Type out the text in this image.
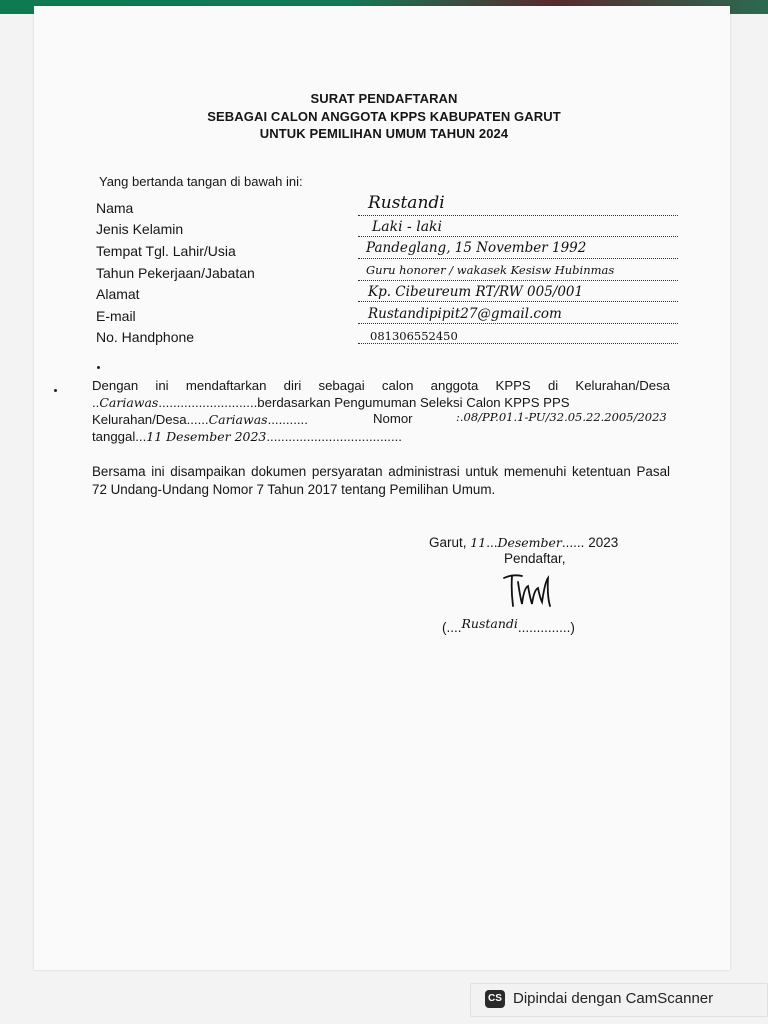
SURAT PENDAFTARAN
SEBAGAI CALON ANGGOTA KPPS KABUPATEN GARUT
UNTUK PEMILIHAN UMUM TAHUN 2024
Yang bertanda tangan di bawah ini:
Nama	Rustandi
Jenis Kelamin	Laki - laki
Tempat Tgl. Lahir/Usia	Pandeglang, 15 November 1992
Tahun Pekerjaan/Jabatan	Guru honorer / wakasek Kesisw Hubinmas
Alamat	Kp. Cibeureum RT/RW 005/001
E-mail	Rustandipipit27@gmail.com
No. Handphone	081306552450
Dengan ini mendaftarkan diri sebagai calon anggota KPPS di Kelurahan/Desa
..Cariawas...........................berdasarkan Pengumuman Seleksi Calon KPPS PPS
Kelurahan/Desa......Cariawas...........	Nomor	:.08/PP.01.1-PU/32.05.22.2005/2023
tanggal...11 Desember 2023.....................................
Bersama ini disampaikan dokumen persyaratan administrasi untuk memenuhi ketentuan Pasal 72 Undang-Undang Nomor 7 Tahun 2017 tentang Pemilihan Umum.
Garut, 11...Desember...... 2023
Pendaftar,
(....Rustandi..............)
CS Dipindai dengan CamScanner
